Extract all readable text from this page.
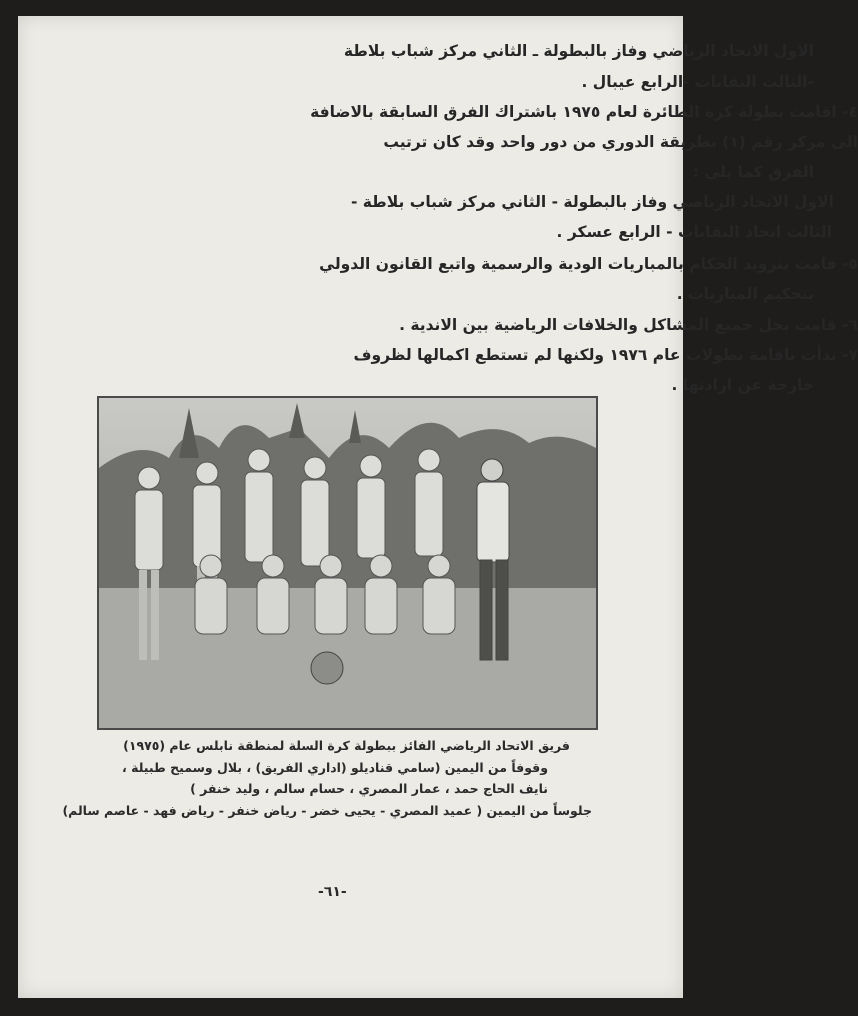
الاول الاتحاد الرياضي وفاز بالبطولة ـ الثاني مركز شباب بلاطة
-الثالث النقابات -الرابع عيبال .
٤- اقامت بطولة كرة الطائرة لعام ١٩٧٥ باشتراك الفرق السابقة بالاضافة
الى مركز رقم (١) بطريقة الدوري من دور واحد وقد كان ترتيب
الفرق كما يلي :
الاول الاتحاد الرياضي وفاز بالبطولة - الثاني مركز شباب بلاطة -
الثالث اتحاد النقابات - الرابع عسكر .
٥- قامت بتزويد الحكام بالمباريات الودية والرسمية واتبع القانون الدولي
بتحكيم المباريات .
٦- قامت بحل جميع المشاكل والخلافات الرياضية بين الاندية .
٧- بدأت باقامة بطولات عام ١٩٧٦ ولكنها لم تستطع اكمالها لظروف
خارجة عن ارادتها .
فريق الاتحاد الرياضي الفائز ببطولة كرة السلة لمنطقة نابلس عام (١٩٧٥)
وقوفاً من اليمين (سامي قناديلو (اداري الفريق) ، بلال وسميح طبيلة ،
نايف الحاج حمد ، عمار المصري ، حسام سالم ، وليد خنفر )
جلوساً من اليمين ( عميد المصري - يحيى خضر - رياض خنفر - رياض فهد - عاصم سالم)
-٦١-
